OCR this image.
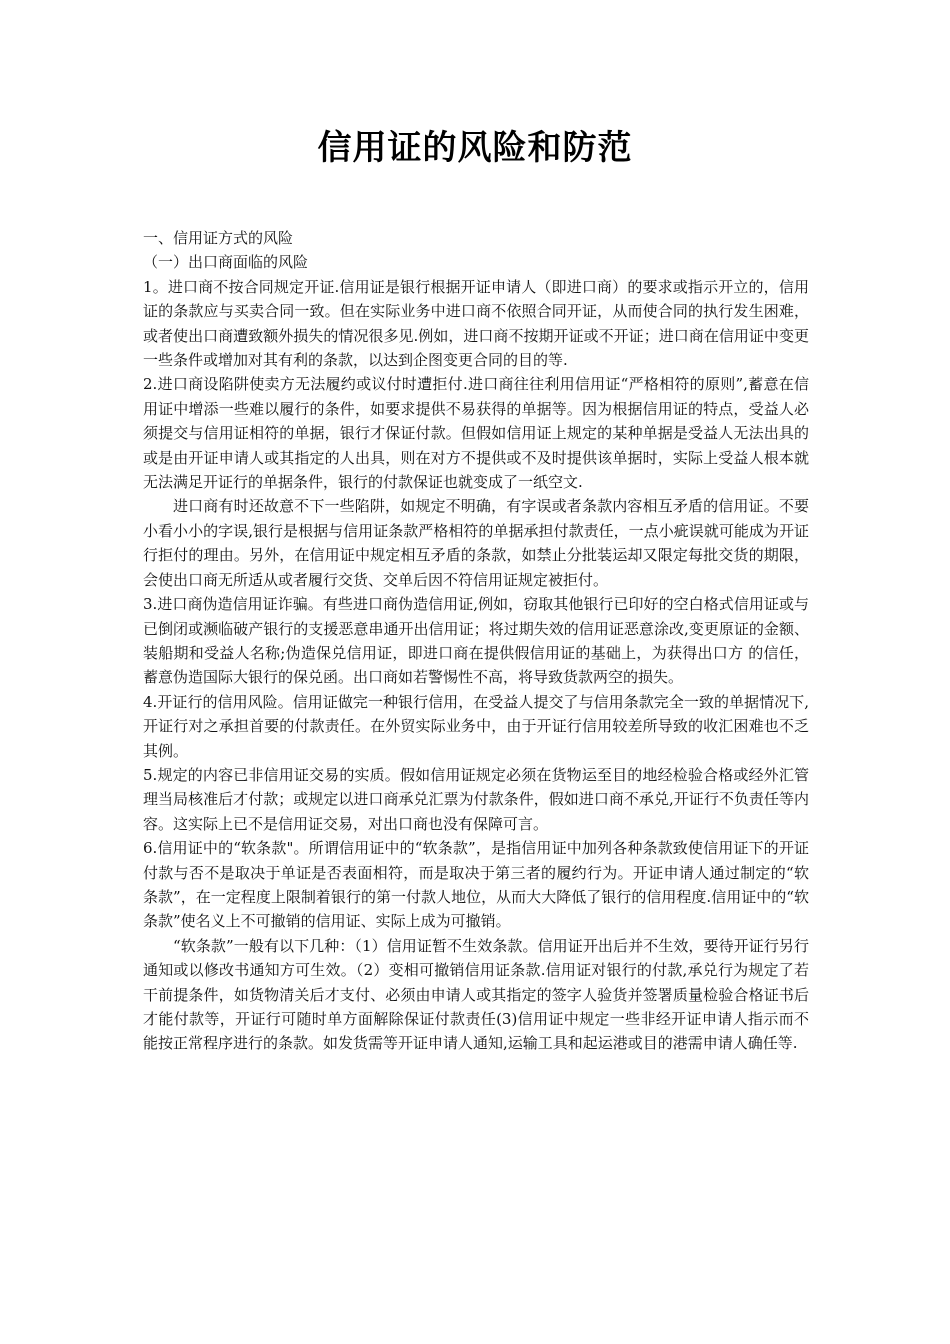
信用证的风险和防范

一、信用证方式的风险

（一）出口商面临的风险

1。进口商不按合同规定开证.信用证是银行根据开证申请人（即进口商）的要求或指示开立的，信用证的条款应与买卖合同一致。但在实际业务中进口商不依照合同开证，从而使合同的执行发生困难，或者使出口商遭致额外损失的情况很多见.例如，进口商不按期开证或不开证；进口商在信用证中变更一些条件或增加对其有利的条款，以达到企图变更合同的目的等.

2.进口商设陷阱使卖方无法履约或议付时遭拒付.进口商往往利用信用证“严格相符的原则”,蓄意在信用证中增添一些难以履行的条件，如要求提供不易获得的单据等。因为根据信用证的特点，受益人必须提交与信用证相符的单据，银行才保证付款。但假如信用证上规定的某种单据是受益人无法出具的或是由开证申请人或其指定的人出具，则在对方不提供或不及时提供该单据时，实际上受益人根本就无法满足开证行的单据条件，银行的付款保证也就变成了一纸空文.

进口商有时还故意不下一些陷阱，如规定不明确，有字误或者条款内容相互矛盾的信用证。不要小看小小的字误,银行是根据与信用证条款严格相符的单据承担付款责任，一点小疵误就可能成为开证行拒付的理由。另外，在信用证中规定相互矛盾的条款，如禁止分批装运却又限定每批交货的期限，会使出口商无所适从或者履行交货、交单后因不符信用证规定被拒付。

3.进口商伪造信用证诈骗。有些进口商伪造信用证,例如，窃取其他银行已印好的空白格式信用证或与已倒闭或濒临破产银行的支援恶意串通开出信用证；将过期失效的信用证恶意涂改,变更原证的金额、装船期和受益人名称;伪造保兑信用证，即进口商在提供假信用证的基础上，为获得出口方 的信任，蓄意伪造国际大银行的保兑函。出口商如若警惕性不高，将导致货款两空的损失。

4.开证行的信用风险。信用证做完一种银行信用，在受益人提交了与信用条款完全一致的单据情况下,开证行对之承担首要的付款责任。在外贸实际业务中，由于开证行信用较差所导致的收汇困难也不乏其例。

5.规定的内容已非信用证交易的实质。假如信用证规定必须在货物运至目的地经检验合格或经外汇管理当局核准后才付款；或规定以进口商承兑汇票为付款条件，假如进口商不承兑,开证行不负责任等内容。这实际上已不是信用证交易，对出口商也没有保障可言。

6.信用证中的“软条款"。所谓信用证中的“软条款”，是指信用证中加列各种条款致使信用证下的开证付款与否不是取决于单证是否表面相符，而是取决于第三者的履约行为。开证申请人通过制定的“软条款”，在一定程度上限制着银行的第一付款人地位，从而大大降低了银行的信用程度.信用证中的“软条款”使名义上不可撤销的信用证、实际上成为可撤销。

“软条款”一般有以下几种：（1）信用证暂不生效条款。信用证开出后并不生效，要待开证行另行通知或以修改书通知方可生效。（2）变相可撤销信用证条款.信用证对银行的付款,承兑行为规定了若干前提条件，如货物清关后才支付、必须由申请人或其指定的签字人验货并签署质量检验合格证书后才能付款等，开证行可随时单方面解除保证付款责任(3)信用证中规定一些非经开证申请人指示而不能按正常程序进行的条款。如发货需等开证申请人通知,运输工具和起运港或目的港需申请人确任等.
